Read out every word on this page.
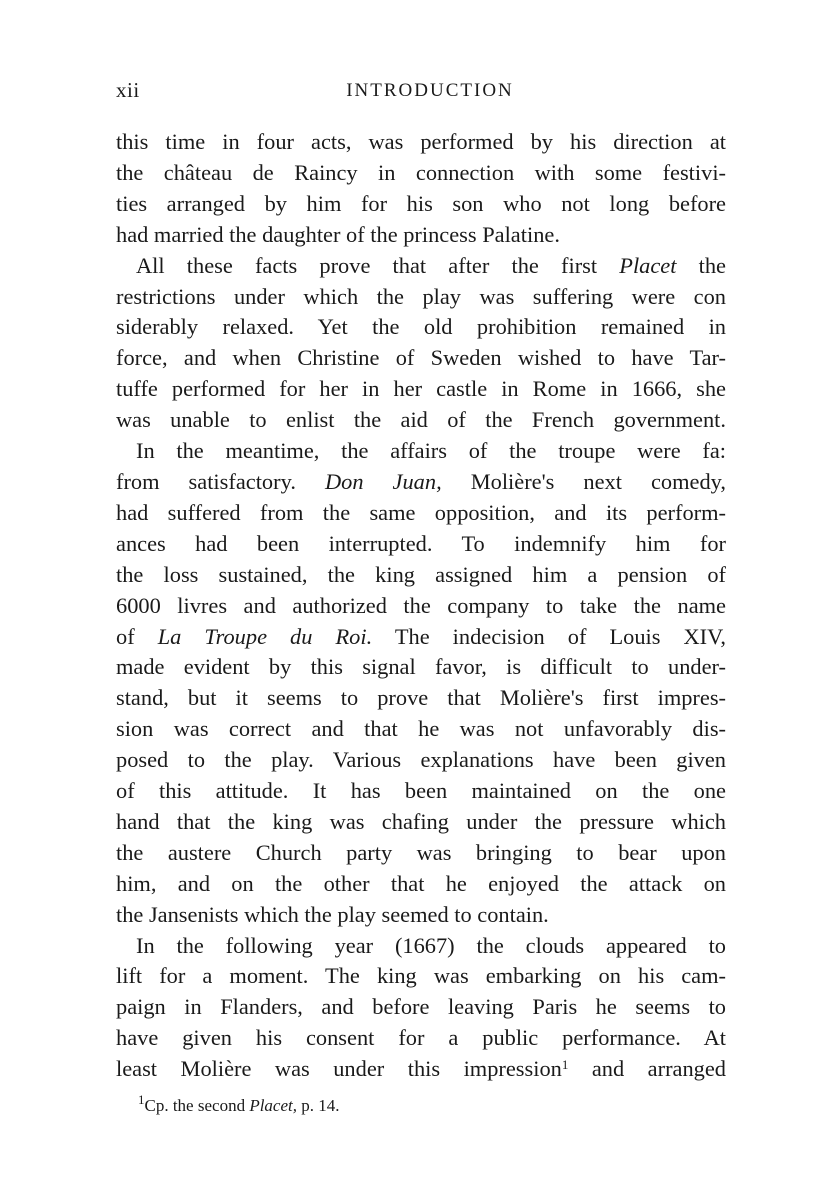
xii	INTRODUCTION

this time in four acts, was performed by his direction at
the château de Raincy in connection with some festivi-
ties arranged by him for his son who not long before
had married the daughter of the princess Palatine.

All these facts prove that after the first Placet the
restrictions under which the play was suffering were con
siderably relaxed. Yet the old prohibition remained in
force, and when Christine of Sweden wished to have Tar-
tuffe performed for her in her castle in Rome in 1666, she
was unable to enlist the aid of the French government.

In the meantime, the affairs of the troupe were fa:
from satisfactory. Don Juan, Molière's next comedy,
had suffered from the same opposition, and its perform-
ances had been interrupted. To indemnify him for
the loss sustained, the king assigned him a pension of
6000 livres and authorized the company to take the name
of La Troupe du Roi. The indecision of Louis XIV,
made evident by this signal favor, is difficult to under-
stand, but it seems to prove that Molière's first impres-
sion was correct and that he was not unfavorably dis-
posed to the play. Various explanations have been given
of this attitude. It has been maintained on the one
hand that the king was chafing under the pressure which
the austere Church party was bringing to bear upon
him, and on the other that he enjoyed the attack on
the Jansenists which the play seemed to contain.

In the following year (1667) the clouds appeared to
lift for a moment. The king was embarking on his cam-
paign in Flanders, and before leaving Paris he seems to
have given his consent for a public performance. At
least Molière was under this impression$^1$ and arranged

$^1$Cp. the second Placet, p. 14.
